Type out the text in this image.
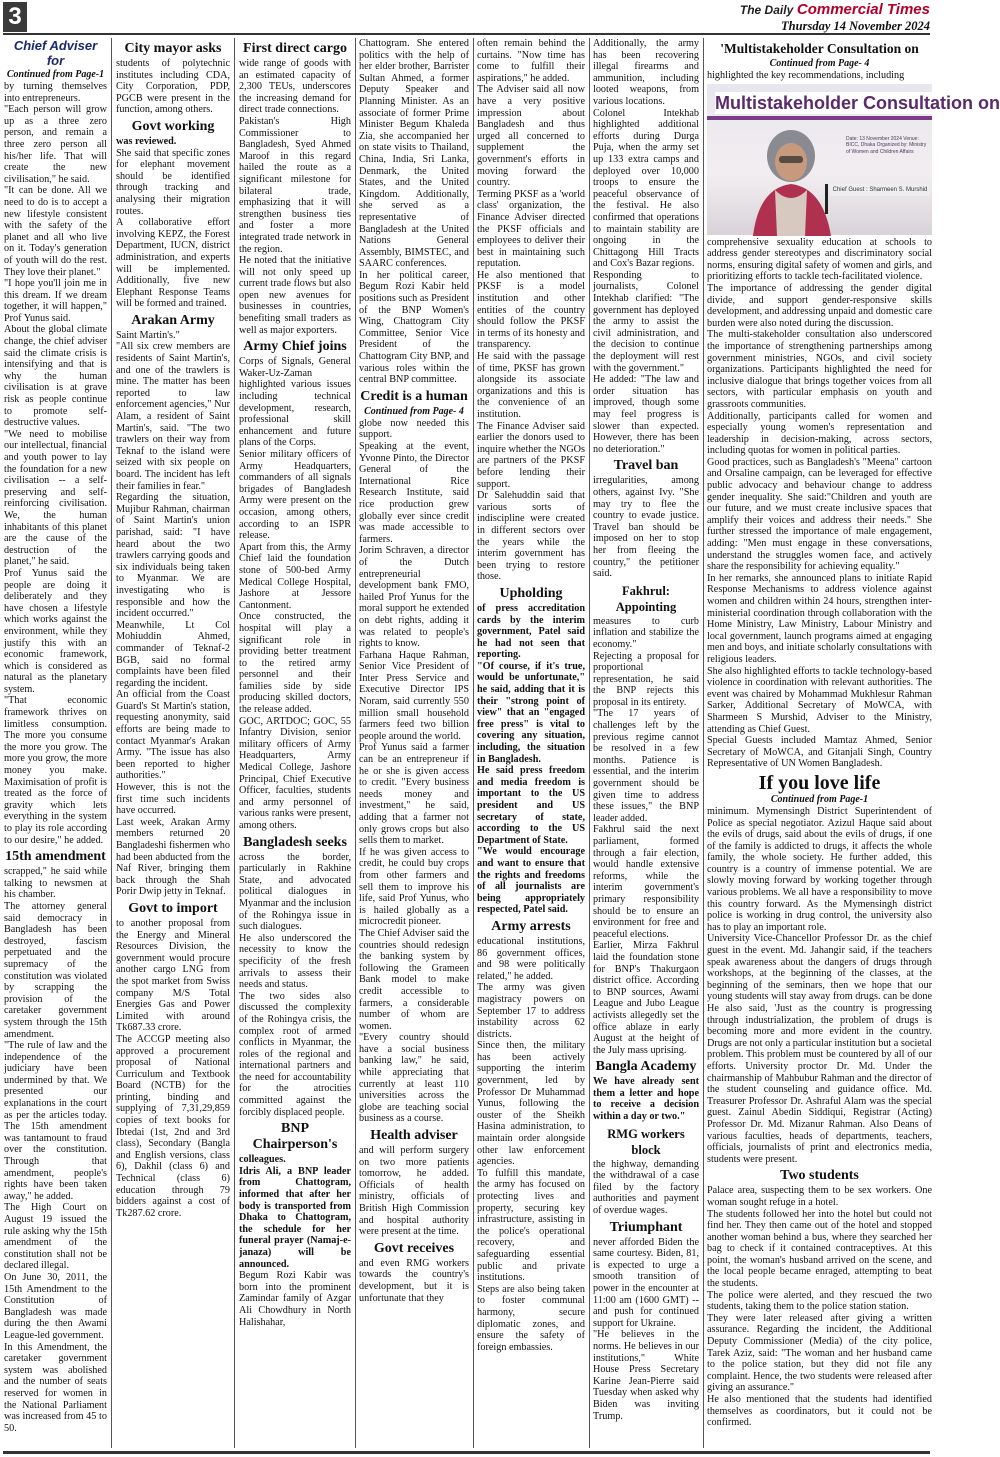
3	The Daily Commercial Times
Thursday 14 November 2024
Chief Adviser for
Continued from Page-1

by turning themselves into entrepreneurs.

"Each person will grow up as a three zero person, and remain a three zero person all his/her life. That will create the new civilisation," he said.

"It can be done. All we need to do is to accept a new lifestyle consistent with the safety of the planet and all who live on it. Today's generation of youth will do the rest. They love their planet."

"I hope you'll join me in this dream. If we dream together, it will happen," Prof Yunus said.

About the global climate change, the chief adviser said the climate crisis is intensifying and that is why the human civilisation is at grave risk as people continue to promote self-destructive values.

"We need to mobilise our intellectual, financial and youth power to lay the foundation for a new civilisation -- a self-preserving and self-reinforcing civilisation. We, the human inhabitants of this planet are the cause of the destruction of the planet," he said.

Prof Yunus said the people are doing it deliberately and they have chosen a lifestyle which works against the environment, while they justify this with an economic framework, which is considered as natural as the planetary system.

"That economic framework thrives on limitless consumption. The more you consume the more you grow. The more you grow, the more money you make. Maximisation of profit is treated as the force of gravity which lets everything in the system to play its role according to our desire," he added.

15th amendment

scrapped," he said while talking to newsmen at his chamber.

The attorney general said democracy in Bangladesh has been destroyed, fascism perpetuated and the supremacy of the constitution was violated by scrapping the provision of the caretaker government system through the 15th amendment.

"The rule of law and the independence of the judiciary have been undermined by that. We presented our explanations in the court as per the articles today. The 15th amendment was tantamount to fraud over the constitution. Through that amendment, people's rights have been taken away," he added.

The High Court on August 19 issued the rule asking why the 15th amendment of the constitution shall not be declared illegal.

On June 30, 2011, the 15th Amendment to the Constitution of Bangladesh was made during the then Awami League-led government.

In this Amendment, the caretaker government system was abolished and the number of seats reserved for women in the National Parliament was increased from 45 to 50.

City mayor asks

students of polytechnic institutes including CDA, City Corporation, PDP, PGCB were present in the function, among others.

Govt working

was reviewed.

She said that specific zones for elephant movement should be identified through tracking and analysing their migration routes.

A collaborative effort involving KEPZ, the Forest Department, IUCN, district administration, and experts will be implemented. Additionally, five new Elephant Response Teams will be formed and trained.

Arakan Army

Saint Martin's."

"All six crew members are residents of Saint Martin's, and one of the trawlers is mine. The matter has been reported to law enforcement agencies," Nur Alam, a resident of Saint Martin's, said. "The two trawlers on their way from Teknaf to the island were seized with six people on board. The incident has left their families in fear."

Regarding the situation, Mujibur Rahman, chairman of Saint Martin's union parishad, said: "I have heard about the two trawlers carrying goods and six individuals being taken to Myanmar. We are investigating who is responsible and how the incident occurred."

Meanwhile, Lt Col Mohiuddin Ahmed, commander of Teknaf-2 BGB, said no formal complaints have been filed regarding the incident.

An official from the Coast Guard's St Martin's station, requesting anonymity, said efforts are being made to contact Myanmar's Arakan Army. "The issue has also been reported to higher authorities."

However, this is not the first time such incidents have occurred.

Last week, Arakan Army members returned 20 Bangladeshi fishermen who had been abducted from the Naf River, bringing them back through the Shah Porir Dwip jetty in Teknaf.

Govt to import

to another proposal from the Energy and Mineral Resources Division, the government would procure another cargo LNG from the spot market from Swiss company M/S Total Energies Gas and Power Limited with around Tk687.33 crore.

The ACCGP meeting also approved a procurement proposal of National Curriculum and Textbook Board (NCTB) for the printing, binding and supplying of 7,31,29,859 copies of text books for Ibtedai (1st, 2nd and 3rd class), Secondary (Bangla and English versions, class 6), Dakhil (class 6) and Technical (class 6) education through 79 bidders against a cost of Tk287.62 crore.

First direct cargo

wide range of goods with an estimated capacity of 2,300 TEUs, underscores the increasing demand for direct trade connections.

Pakistan's High Commissioner to Bangladesh, Syed Ahmed Maroof in this regard hailed the route as a significant milestone for bilateral trade, emphasizing that it will strengthen business ties and foster a more integrated trade network in the region.

He noted that the initiative will not only speed up current trade flows but also open new avenues for businesses in countries, benefiting small traders as well as major exporters.

Army Chief joins

Corps of Signals, General Waker-Uz-Zaman highlighted various issues including technical development, research, professional skill enhancement and future plans of the Corps.

Senior military officers of Army Headquarters, commanders of all signals brigades of Bangladesh Army were present on the occasion, among others, according to an ISPR release.

Apart from this, the Army Chief laid the foundation stone of 500-bed Army Medical College Hospital, Jashore at Jessore Cantonment.

Once constructed, the hospital will play a significant role in providing better treatment to the retired army personnel and their families side by side producing skilled doctors, the release added.

GOC, ARTDOC; GOC, 55 Infantry Division, senior military officers of Army Headquarters, Army Medical College, Jashore Principal, Chief Executive Officer, faculties, students and army personnel of various ranks were present, among others.

Bangladesh seeks

across the border, particularly in Rakhine State, and advocated political dialogues in Myanmar and the inclusion of the Rohingya issue in such dialogues.

He also underscored the necessity to know the specificity of the fresh arrivals to assess their needs and status.

The two sides also discussed the complexity of the Rohingya crisis, the complex root of armed conflicts in Myanmar, the roles of the regional and international partners and the need for accountability for the atrocities committed against the forcibly displaced people.

BNP Chairperson's

colleagues.

Idris Ali, a BNP leader from Chattogram, informed that after her body is transported from Dhaka to Chattogram, the schedule for her funeral prayer (Namaj-e-janaza) will be announced.

Begum Rozi Kabir was born into the prominent Zamindar family of Azgar Ali Chowdhury in North Halishahar,

Chattogram. She entered politics with the help of her elder brother, Barrister Sultan Ahmed, a former Deputy Speaker and Planning Minister. As an associate of former Prime Minister Begum Khaleda Zia, she accompanied her on state visits to Thailand, China, India, Sri Lanka, Denmark, the United States, and the United Kingdom. Additionally, she served as a representative of Bangladesh at the United Nations General Assembly, BIMSTEC, and SAARC conferences.

In her political career, Begum Rozi Kabir held positions such as President of the BNP Women's Wing, Chattogram City Committee, Senior Vice President of the Chattogram City BNP, and various roles within the central BNP committee.

Credit is a human
Continued from Page- 4

globe now needed this support.

Speaking at the event, Yvonne Pinto, the Director General of the International Rice Research Institute, said rice production grew globally ever since credit was made accessible to farmers.

Jorim Schraven, a director of the Dutch entrepreneurial development bank FMO, hailed Prof Yunus for the moral support he extended on debt rights, adding it was related to people's rights to know.

Farhana Haque Rahman, Senior Vice President of Inter Press Service and Executive Director IPS Noram, said currently 550 million small household farmers feed two billion people around the world.

Prof Yunus said a farmer can be an entrepreneur if he or she is given access to credit. "Every business needs money and investment," he said, adding that a farmer not only grows crops but also sells them to market.

If he was given access to credit, he could buy crops from other farmers and sell them to improve his life, said Prof Yunus, who is hailed globally as a microcredit pioneer.

The Chief Adviser said the countries should redesign the banking system by following the Grameen Bank model to make credit accessible to farmers, a considerable number of whom are women.

"Every country should have a social business banking law," he said, while appreciating that currently at least 110 universities across the globe are teaching social business as a course.

Health adviser

and will perform surgery on two more patients tomorrow, he added. Officials of health ministry, officials of British High Commission and hospital authority were present at the time.

Govt receives

and even RMG workers towards the country's development, but it is unfortunate that they

often remain behind the curtains. "Now time has come to fulfill their aspirations," he added.

The Adviser said all now have a very positive impression about Bangladesh and thus urged all concerned to supplement the government's efforts in moving forward the country.

Terming PKSF as a 'world class' organization, the Finance Adviser directed the PKSF officials and employees to deliver their best in maintaining such reputation.

He also mentioned that PKSF is a model institution and other entities of the country should follow the PKSF in terms of its honesty and transparency.

He said with the passage of time, PKSF has grown alongside its associate organizations and this is the convenience of an institution.

The Finance Adviser said earlier the donors used to inquire whether the NGOs are partners of the PKSF before lending their support.

Dr Salehuddin said that various sorts of indiscipline were created in different sectors over the years while the interim government has been trying to restore those.

Upholding

of press accreditation cards by the interim government, Patel said he had not seen that reporting.

"Of course, if it's true, would be unfortunate," he said, adding that it is their "strong point of view" that an "engaged free press" is vital to covering any situation, including, the situation in Bangladesh.

He said press freedom and media freedom is important to the US president and US secretary of state, according to the US Department of State.

"We would encourage and want to ensure that the rights and freedoms of all journalists are being appropriately respected, Patel said.

Army arrests

educational institutions, 86 government offices, and 98 were politically related," he added.

The army was given magistracy powers on September 17 to address instability across 62 districts.

Since then, the military has been actively supporting the interim government, led by Professor Dr Muhammad Yunus, following the ouster of the Sheikh Hasina administration, to maintain order alongside other law enforcement agencies.

To fulfill this mandate, the army has focused on protecting lives and property, securing key infrastructure, assisting in the police's operational recovery, and safeguarding essential public and private institutions.

Steps are also being taken to foster communal harmony, secure diplomatic zones, and ensure the safety of foreign embassies.

Additionally, the army has been recovering illegal firearms and ammunition, including looted weapons, from various locations.

Colonel Intekhab highlighted additional efforts during Durga Puja, when the army set up 133 extra camps and deployed over 10,000 troops to ensure the peaceful observance of the festival. He also confirmed that operations to maintain stability are ongoing in the Chittagong Hill Tracts and Cox's Bazar regions.

Responding to journalists, Colonel Intekhab clarified: "The government has deployed the army to assist the civil administration, and the decision to continue the deployment will rest with the government."

He added: "The law and order situation has improved, though some may feel progress is slower than expected. However, there has been no deterioration."

Travel ban

irregularities, among others, against Ivy. "She may try to flee the country to evade justice. Travel ban should be imposed on her to stop her from fleeing the country," the petitioner said.

Fakhrul: Appointing

measures to curb inflation and stabilize the economy."

Rejecting a proposal for proportional representation, he said the BNP rejects this proposal in its entirety.

"The 17 years of challenges left by the previous regime cannot be resolved in a few months. Patience is essential, and the interim government should be given time to address these issues," the BNP leader added.

Fakhrul said the next parliament, formed through a fair election, would handle extensive reforms, while the interim government's primary responsibility should be to ensure an environment for free and peaceful elections.

Earlier, Mirza Fakhrul laid the foundation stone for BNP's Thakurgaon district office. According to BNP sources, Awami League and Jubo League activists allegedly set the office ablaze in early August at the height of the July mass uprising.

Bangla Academy

We have already sent them a letter and hope to receive a decision within a day or two."

RMG workers block

the highway, demanding the withdrawal of a case filed by the factory authorities and payment of overdue wages.

Triumphant

never afforded Biden the same courtesy. Biden, 81, is expected to urge a smooth transition of power in the encounter at 11:00 am (1600 GMT) -- and push for continued support for Ukraine.

"He believes in the norms. He believes in our institutions," White House Press Secretary Karine Jean-Pierre said Tuesday when asked why Biden was inviting Trump.

'Multistakeholder Consultation on
Continued from Page- 4

highlighted the key recommendations, including

Multistakeholder Consultation on
Date: 13 November 2024 Venue: BICC, Dhaka Organized by: Ministry of Women and Children Affairs
Chief Guest : Sharmeen S. Murshid

comprehensive sexuality education at schools to address gender stereotypes and discriminatory social norms, ensuring digital safety of women and girls, and prioritizing efforts to tackle tech-facilitated violence.

The importance of addressing the gender digital divide, and support gender-responsive skills development, and addressing unpaid and domestic care burden were also noted during the discussion.

The multi-stakeholder consultation also underscored the importance of strengthening partnerships among government ministries, NGOs, and civil society organizations. Participants highlighted the need for inclusive dialogue that brings together voices from all sectors, with particular emphasis on youth and grassroots communities.

Additionally, participants called for women and especially young women's representation and leadership in decision-making, across sectors, including quotas for women in political parties.

Good practices, such as Bangladesh's "Meena" cartoon and Orsaline campaign, can be leveraged for effective public advocacy and behaviour change to address gender inequality. She said:"Children and youth are our future, and we must create inclusive spaces that amplify their voices and address their needs." She further stressed the importance of male engagement, adding: "Men must engage in these conversations, understand the struggles women face, and actively share the responsibility for achieving equality."

In her remarks, she announced plans to initiate Rapid Response Mechanisms to address violence against women and children within 24 hours, strengthen inter-ministerial coordination through collaboration with the Home Ministry, Law Ministry, Labour Ministry and local government, launch programs aimed at engaging men and boys, and initiate scholarly consultations with religious leaders.

She also highlighted efforts to tackle technology-based violence in coordination with relevant authorities. The event was chaired by Mohammad Mukhlesur Rahman Sarker, Additional Secretary of MoWCA, with Sharmeen S Murshid, Adviser to the Ministry, attending as Chief Guest.

Special Guests included Mamtaz Ahmed, Senior Secretary of MoWCA, and Gitanjali Singh, Country Representative of UN Women Bangladesh.

If you love life
Continued from Page-1

minimum. Mymensingh District Superintendent of Police as special negotiator. Azizul Haque said about the evils of drugs, said about the evils of drugs, if one of the family is addicted to drugs, it affects the whole family, the whole society. He further added, this country is a country of immense potential. We are slowly moving forward by working together through various problems. We all have a responsibility to move this country forward. As the Mymensingh district police is working in drug control, the university also has to play an important role.

University Vice-Chancellor Professor Dr. as the chief guest in the event. Md. Jahangir said, if the teachers speak awareness about the dangers of drugs through workshops, at the beginning of the classes, at the beginning of the seminars, then we hope that our young students will stay away from drugs. can be done He also said, 'Just as the country is progressing through industrialization, the problem of drugs is becoming more and more evident in the country. Drugs are not only a particular institution but a societal problem. This problem must be countered by all of our efforts. University proctor Dr. Md. Under the chairmanship of Mahbubur Rahman and the director of the student counseling and guidance office. Md. Treasurer Professor Dr. Ashraful Alam was the special guest. Zainul Abedin Siddiqui, Registrar (Acting) Professor Dr. Md. Mizanur Rahman. Also Deans of various faculties, heads of departments, teachers, officials, journalists of print and electronics media, students were present.

Two students

Palace area, suspecting them to be sex workers. One woman sought refuge in a hotel.

The students followed her into the hotel but could not find her. They then came out of the hotel and stopped another woman behind a bus, where they searched her bag to check if it contained contraceptives. At this point, the woman's husband arrived on the scene, and the local people became enraged, attempting to beat the students.

The police were alerted, and they rescued the two students, taking them to the police station station.

They were later released after giving a written assurance. Regarding the incident, the Additional Deputy Commissioner (Media) of the city police, Tarek Aziz, said: "The woman and her husband came to the police station, but they did not file any complaint. Hence, the two students were released after giving an assurance."

He also mentioned that the students had identified themselves as coordinators, but it could not be confirmed.
